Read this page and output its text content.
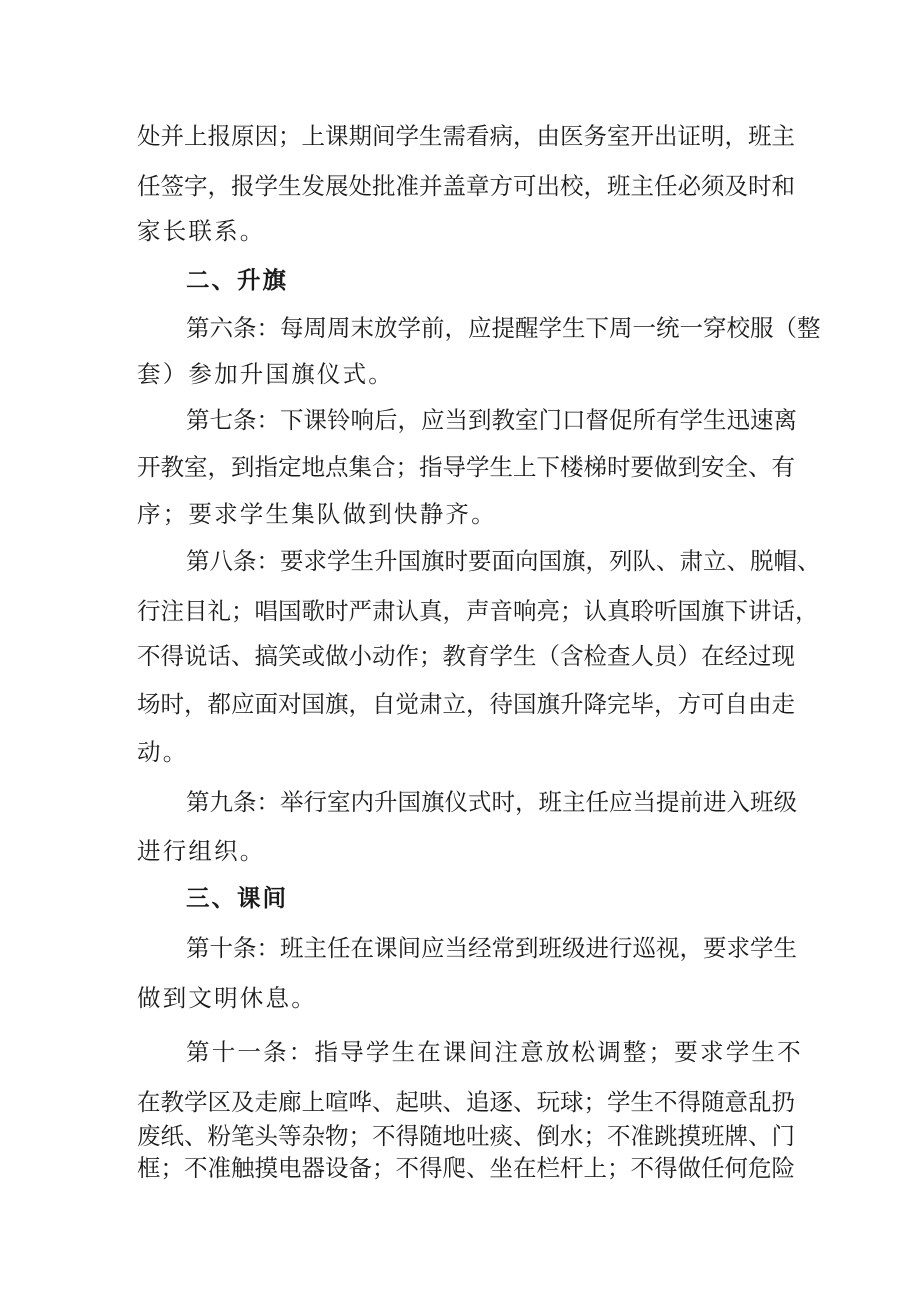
处并上报原因；上课期间学生需看病，由医务室开出证明，班主
任签字，报学生发展处批准并盖章方可出校，班主任必须及时和
家长联系。
二、升旗
第六条：每周周末放学前，应提醒学生下周一统一穿校服（整
套）参加升国旗仪式。
第七条：下课铃响后，应当到教室门口督促所有学生迅速离
开教室，到指定地点集合；指导学生上下楼梯时要做到安全、有
序；要求学生集队做到快静齐。
第八条：要求学生升国旗时要面向国旗，列队、肃立、脱帽、
行注目礼；唱国歌时严肃认真，声音响亮；认真聆听国旗下讲话，
不得说话、搞笑或做小动作；教育学生（含检查人员）在经过现
场时，都应面对国旗，自觉肃立，待国旗升降完毕，方可自由走
动。
第九条：举行室内升国旗仪式时，班主任应当提前进入班级
进行组织。
三、课间
第十条：班主任在课间应当经常到班级进行巡视，要求学生
做到文明休息。
第十一条：指导学生在课间注意放松调整；要求学生不
在教学区及走廊上喧哗、起哄、追逐、玩球；学生不得随意乱扔
废纸、粉笔头等杂物；不得随地吐痰、倒水；不准跳摸班牌、门
框；不准触摸电器设备；不得爬、坐在栏杆上；不得做任何危险
